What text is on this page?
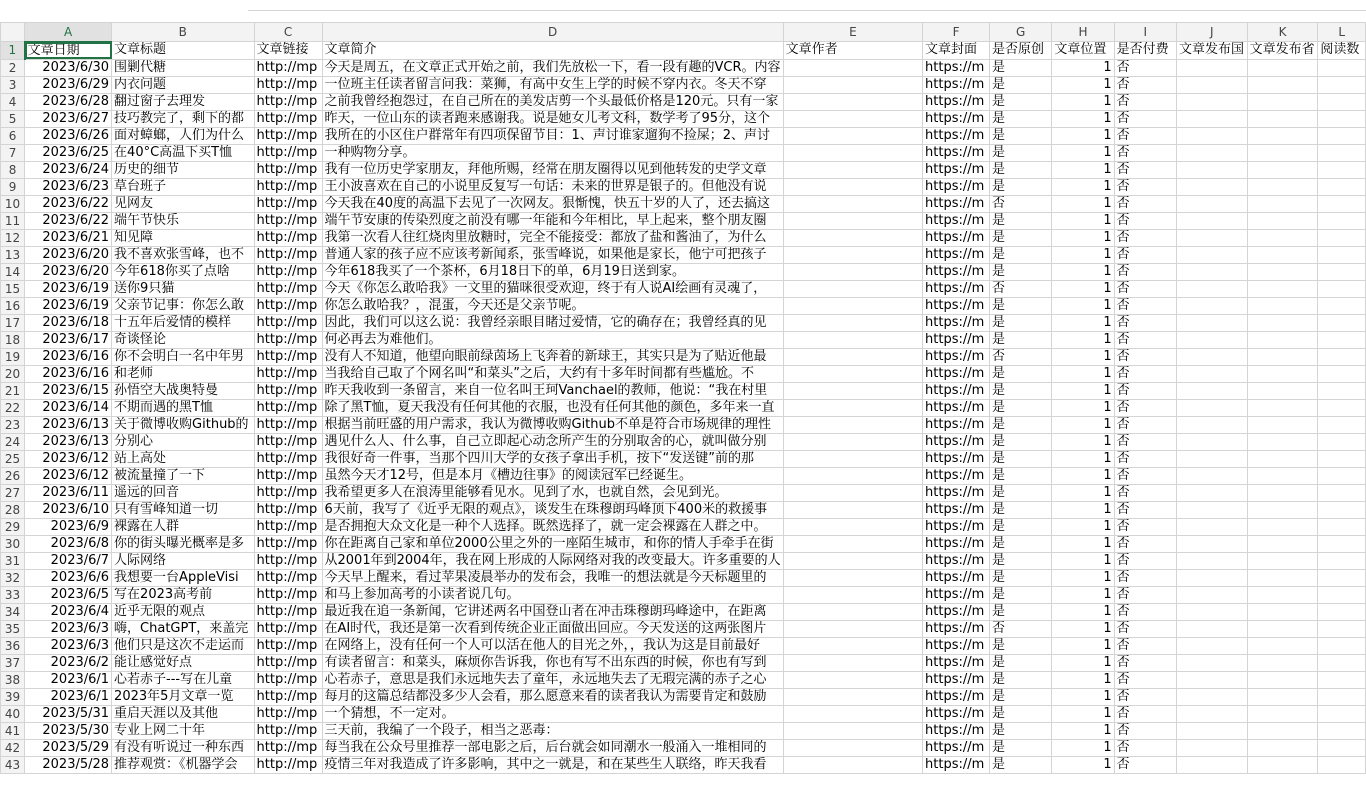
	A	B	C	D	E	F	G	H	I	J	K	L
1	文章日期	文章标题	文章链接	文章简介	文章作者	文章封面	是否原创	文章位置	是否付费	文章发布国	文章发布省	阅读数
2	2023/6/30	围剿代糖	http://mp	今天是周五，在文章正式开始之前，我们先放松一下，看一段有趣的VCR。内容		https://m	是	1	否			
3	2023/6/29	内衣问题	http://mp	一位班主任读者留言问我：菜狮，有高中女生上学的时候不穿内衣。冬天不穿		https://m	是	1	否			
4	2023/6/28	翻过窗子去理发	http://mp	之前我曾经抱怨过，在自己所在的美发店剪一个头最低价格是120元。只有一家		https://m	是	1	否			
5	2023/6/27	技巧教完了，剩下的都	http://mp	昨天，一位山东的读者跑来感谢我。说是她女儿考文科，数学考了95分，这个		https://m	是	1	否			
6	2023/6/26	面对蟑螂，人们为什么	http://mp	我所在的小区住户群常年有四项保留节目：1、声讨谁家遛狗不捡屎；2、声讨		https://m	是	1	否			
7	2023/6/25	在40°C高温下买T恤	http://mp	一种购物分享。		https://m	是	1	否			
8	2023/6/24	历史的细节	http://mp	我有一位历史学家朋友，拜他所赐，经常在朋友圈得以见到他转发的史学文章		https://m	是	1	否			
9	2023/6/23	草台班子	http://mp	王小波喜欢在自己的小说里反复写一句话：未来的世界是银子的。但他没有说		https://m	是	1	否			
10	2023/6/22	见网友	http://mp	今天我在40度的高温下去见了一次网友。狠惭愧，快五十岁的人了，还去搞这		https://m	否	1	否			
11	2023/6/22	端午节快乐	http://mp	端午节安康的传染烈度之前没有哪一年能和今年相比，早上起来，整个朋友圈		https://m	是	1	否			
12	2023/6/21	知见障	http://mp	我第一次看人往红烧肉里放糖时，完全不能接受：都放了盐和酱油了，为什么		https://m	是	1	否			
13	2023/6/20	我不喜欢张雪峰，也不	http://mp	普通人家的孩子应不应该考新闻系，张雪峰说，如果他是家长，他宁可把孩子		https://m	是	1	否			
14	2023/6/20	今年618你买了点啥	http://mp	今年618我买了一个茶杯，6月18日下的单，6月19日送到家。		https://m	是	1	否			
15	2023/6/19	送你9只猫	http://mp	今天《你怎么敢哈我》一文里的猫咪很受欢迎，终于有人说AI绘画有灵魂了，		https://m	否	1	否			
16	2023/6/19	父亲节记事：你怎么敢	http://mp	你怎么敢哈我？，混蛋，今天还是父亲节呢。		https://m	是	1	否			
17	2023/6/18	十五年后爱情的模样	http://mp	因此，我们可以这么说：我曾经亲眼目睹过爱情，它的确存在；我曾经真的见		https://m	是	1	否			
18	2023/6/17	奇谈怪论	http://mp	何必再去为难他们。		https://m	是	1	否			
19	2023/6/16	你不会明白一名中年男	http://mp	没有人不知道，他望向眼前绿茵场上飞奔着的新球王，其实只是为了贴近他最		https://m	否	1	否			
20	2023/6/16	和老师	http://mp	当我给自己取了个网名叫“和菜头”之后，大约有十多年时间都有些尴尬。不		https://m	是	1	否			
21	2023/6/15	孙悟空大战奥特曼	http://mp	昨天我收到一条留言，来自一位名叫王珂Vanchael的教师，他说：“我在村里		https://m	是	1	否			
22	2023/6/14	不期而遇的黑T恤	http://mp	除了黑T恤，夏天我没有任何其他的衣服，也没有任何其他的颜色，多年来一直		https://m	是	1	否			
23	2023/6/13	关于微博收购Github的	http://mp	根据当前旺盛的用户需求，我认为微博收购Github不单是符合市场规律的理性		https://m	是	1	否			
24	2023/6/13	分别心	http://mp	遇见什么人、什么事，自己立即起心动念所产生的分别取舍的心，就叫做分别		https://m	是	1	否			
25	2023/6/12	站上高处	http://mp	我很好奇一件事，当那个四川大学的女孩子拿出手机，按下“发送键”前的那		https://m	是	1	否			
26	2023/6/12	被流量撞了一下	http://mp	虽然今天才12号，但是本月《槽边往事》的阅读冠军已经诞生。		https://m	是	1	否			
27	2023/6/11	遥远的回音	http://mp	我希望更多人在浪涛里能够看见水。见到了水，也就自然，会见到光。		https://m	是	1	否			
28	2023/6/10	只有雪峰知道一切	http://mp	6天前，我写了《近乎无限的观点》，谈发生在珠穆朗玛峰顶下400米的救援事		https://m	是	1	否			
29	2023/6/9	裸露在人群	http://mp	是否拥抱大众文化是一种个人选择。既然选择了，就一定会裸露在人群之中。		https://m	是	1	否			
30	2023/6/8	你的街头曝光概率是多	http://mp	你在距离自己家和单位2000公里之外的一座陌生城市，和你的情人手牵手在街		https://m	是	1	否			
31	2023/6/7	人际网络	http://mp	从2001年到2004年，我在网上形成的人际网络对我的改变最大。许多重要的人		https://m	是	1	否			
32	2023/6/6	我想要一台AppleVisi	http://mp	今天早上醒来，看过苹果凌晨举办的发布会，我唯一的想法就是今天标题里的		https://m	是	1	否			
33	2023/6/5	写在2023高考前	http://mp	和马上参加高考的小读者说几句。		https://m	是	1	否			
34	2023/6/4	近乎无限的观点	http://mp	最近我在追一条新闻，它讲述两名中国登山者在冲击珠穆朗玛峰途中，在距离		https://m	是	1	否			
35	2023/6/3	嗨，ChatGPT，来盖完	http://mp	在AI时代，我还是第一次看到传统企业正面做出回应。今天发送的这两张图片		https://m	否	1	否			
36	2023/6/3	他们只是这次不走运而	http://mp	在网络上，没有任何一个人可以活在他人的目光之外，，我认为这是目前最好		https://m	是	1	否			
37	2023/6/2	能让感觉好点	http://mp	有读者留言：和菜头，麻烦你告诉我，你也有写不出东西的时候，你也有写到		https://m	是	1	否			
38	2023/6/1	心若赤子---写在儿童	http://mp	心若赤子，意思是我们永远地失去了童年，永远地失去了无瑕完满的赤子之心		https://m	是	1	否			
39	2023/6/1	2023年5月文章一览	http://mp	每月的这篇总结都没多少人会看，那么愿意来看的读者我认为需要肯定和鼓励		https://m	是	1	否			
40	2023/5/31	重启天涯以及其他	http://mp	一个猜想，不一定对。		https://m	是	1	否			
41	2023/5/30	专业上网二十年	http://mp	三天前，我编了一个段子，相当之恶毒：		https://m	是	1	否			
42	2023/5/29	有没有听说过一种东西	http://mp	每当我在公众号里推荐一部电影之后，后台就会如同潮水一般涌入一堆相同的		https://m	是	1	否			
43	2023/5/28	推荐观赏：《机器学会	http://mp	疫情三年对我造成了许多影响，其中之一就是，和在某些生人联络，昨天我看		https://m	是	1	否			
